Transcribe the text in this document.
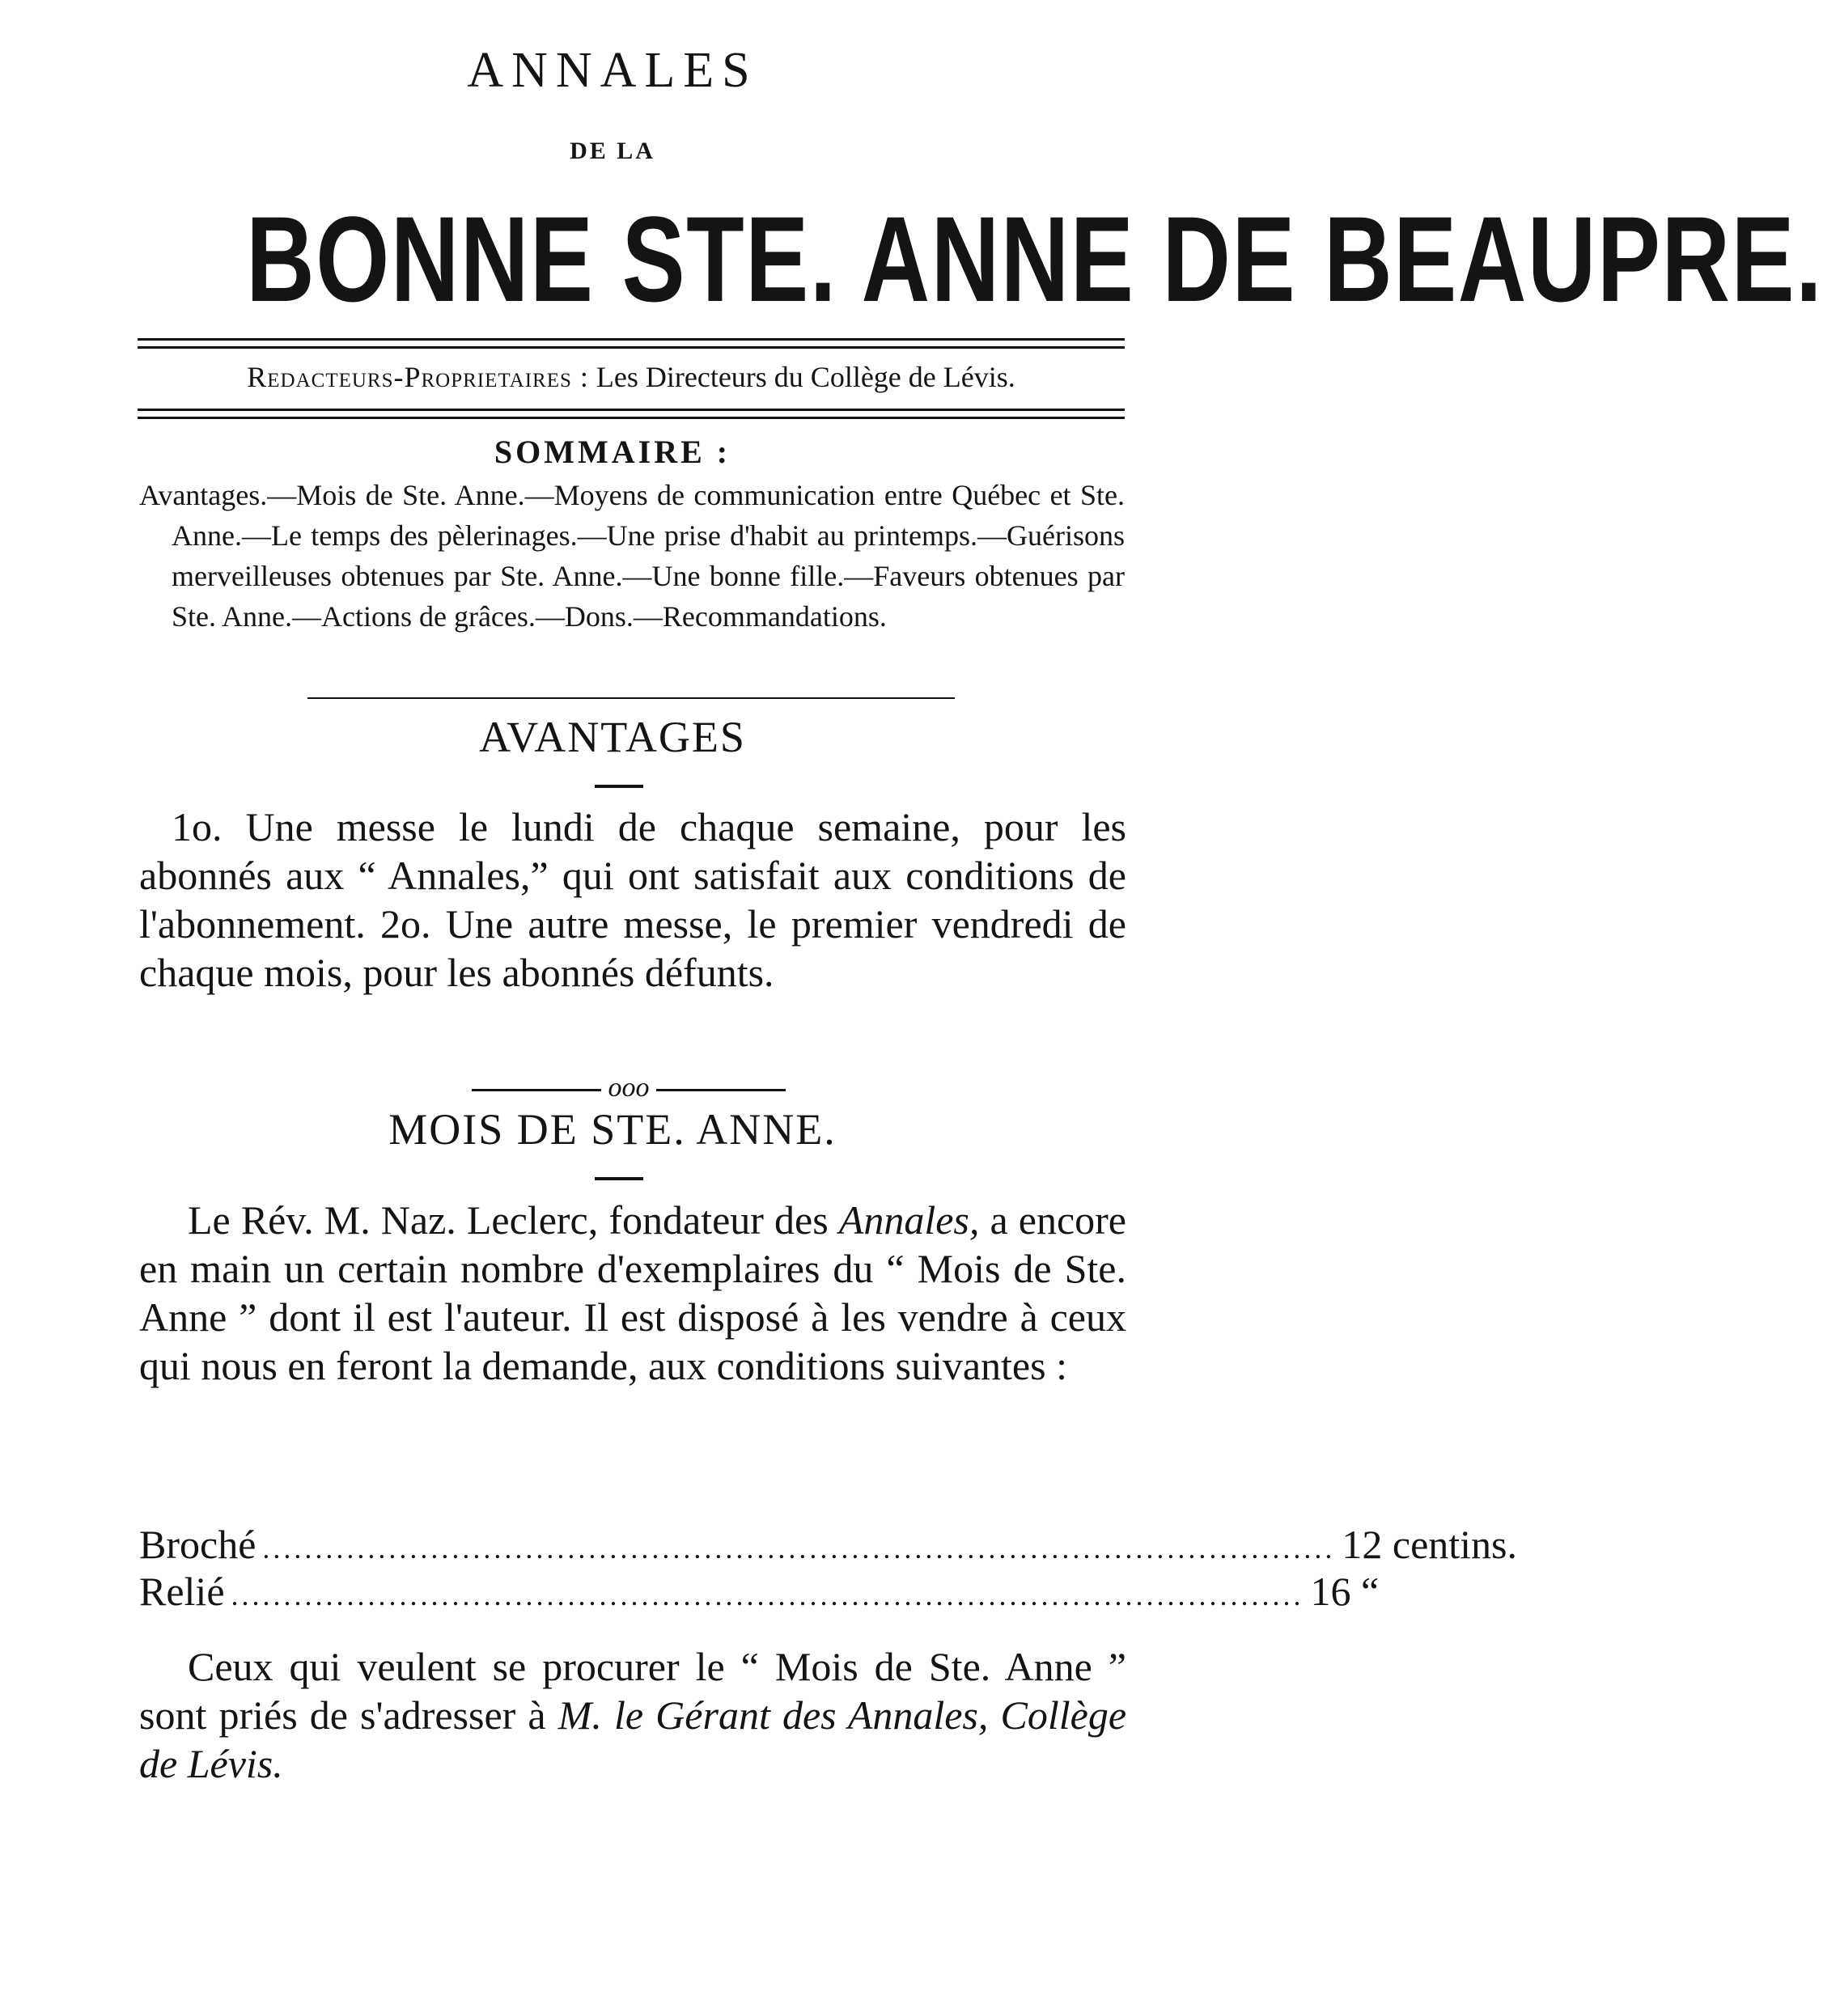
ANNALES
DE LA
BONNE STE. ANNE DE BEAUPRE.
Redacteurs-Proprietaires : Les Directeurs du Collège de Lévis.
SOMMAIRE :
Avantages.—Mois de Ste. Anne.—Moyens de communication entre Québec et Ste. Anne.—Le temps des pèlerinages.—Une prise d'habit au printemps.—Guérisons merveilleuses obtenues par Ste. Anne.—Une bonne fille.—Faveurs obtenues par Ste. Anne.—Actions de grâces.—Dons.—Recommandations.
AVANTAGES
1o. Une messe le lundi de chaque semaine, pour les abonnés aux “ Annales,” qui ont satisfait aux conditions de l'abonnement. 2o. Une autre messe, le premier vendredi de chaque mois, pour les abonnés défunts.
ooo
MOIS DE STE. ANNE.
Le Rév. M. Naz. Leclerc, fondateur des Annales, a encore en main un certain nombre d'exemplaires du “ Mois de Ste. Anne ” dont il est l'auteur. Il est disposé à les vendre à ceux qui nous en feront la demande, aux conditions suivantes :
Broché ...................................................................................................... 12 centins.
Relié ...................................................................................................... 16 “
Ceux qui veulent se procurer le “ Mois de Ste. Anne ” sont priés de s'adresser à M. le Gérant des Annales, Collège de Lévis.
